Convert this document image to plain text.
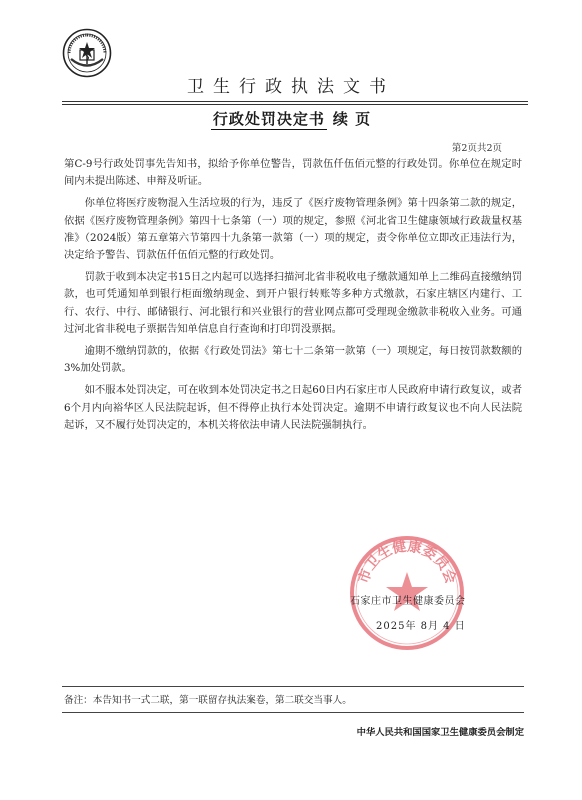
卫生行政执法文书
行政处罚决定书 续 页
第2页共2页

第C-9号行政处罚事先告知书，拟给予你单位警告，罚款伍仟伍佰元整的行政处罚。你单位在规定时间内未提出陈述、申辩及听证。

你单位将医疗废物混入生活垃圾的行为，违反了《医疗废物管理条例》第十四条第二款的规定，依据《医疗废物管理条例》第四十七条第（一）项的规定，参照《河北省卫生健康领域行政裁量权基准》（2024版）第五章第六节第四十九条第一款第（一）项的规定，责令你单位立即改正违法行为，决定给予警告、罚款伍仟伍佰元整的行政处罚。

罚款于收到本决定书15日之内起可以选择扫描河北省非税收电子缴款通知单上二维码直接缴纳罚款，也可凭通知单到银行柜面缴纳现金、到开户银行转账等多种方式缴款，石家庄辖区内建行、工行、农行、中行、邮储银行、河北银行和兴业银行的营业网点都可受理现金缴款非税收入业务。可通过河北省非税电子票据告知单信息自行查询和打印罚没票据。

逾期不缴纳罚款的，依据《行政处罚法》第七十二条第一款第（一）项规定，每日按罚款数额的3%加处罚款。

如不服本处罚决定，可在收到本处罚决定书之日起60日内石家庄市人民政府申请行政复议，或者6个月内向裕华区人民法院起诉，但不得停止执行本处罚决定。逾期不申请行政复议也不向人民法院起诉，又不履行处罚决定的，本机关将依法申请人民法院强制执行。

市卫生健康委员会
石家庄市卫生健康委员会
2025年 8月 4 日
备注：本告知书一式二联，第一联留存执法案卷，第二联交当事人。
中华人民共和国国家卫生健康委员会制定
